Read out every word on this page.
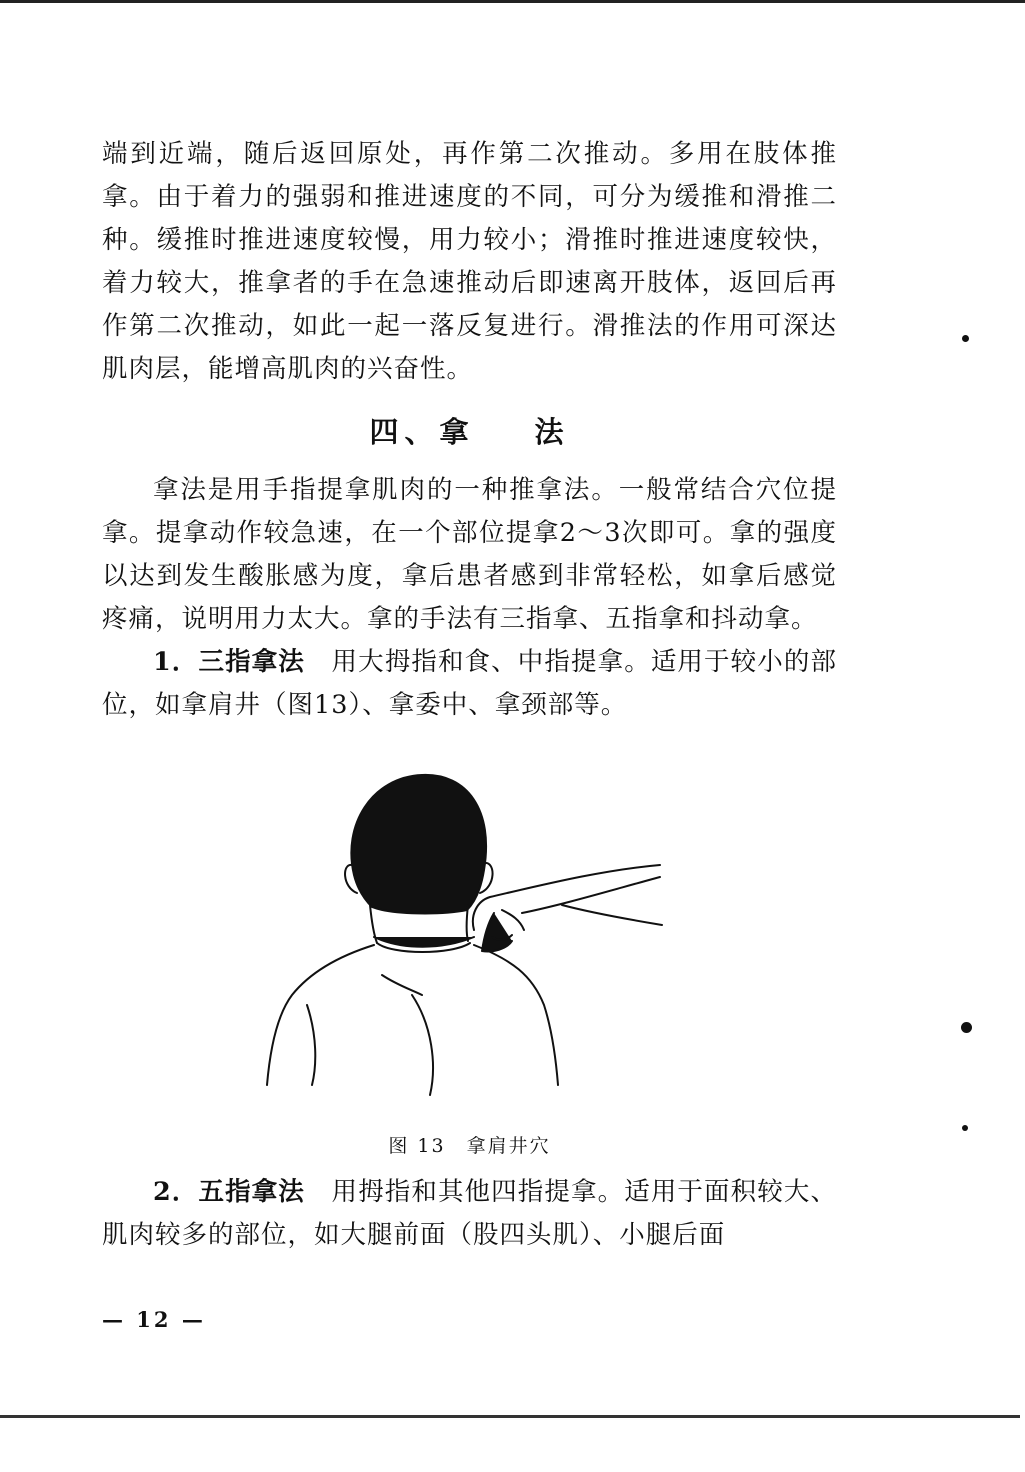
端到近端，随后返回原处，再作第二次推动。多用在肢体推拿。由于着力的强弱和推进速度的不同，可分为缓推和滑推二种。缓推时推进速度较慢，用力较小；滑推时推进速度较快，着力较大，推拿者的手在急速推动后即速离开肢体，返回后再作第二次推动，如此一起一落反复进行。滑推法的作用可深达肌肉层，能增高肌肉的兴奋性。

四、拿 法

拿法是用手指提拿肌肉的一种推拿法。一般常结合穴位提拿。提拿动作较急速，在一个部位提拿2～3次即可。拿的强度以达到发生酸胀感为度，拿后患者感到非常轻松，如拿后感觉疼痛，说明用力太大。拿的手法有三指拿、五指拿和抖动拿。

1．三指拿法　 用大拇指和食、中指提拿。适用于较小的部位，如拿肩井（图13）、拿委中、拿颈部等。

图 13　拿肩井穴

2．五指拿法　 用拇指和其他四指提拿。适用于面积较大、肌肉较多的部位，如大腿前面（股四头肌）、小腿后面

— 12 —
